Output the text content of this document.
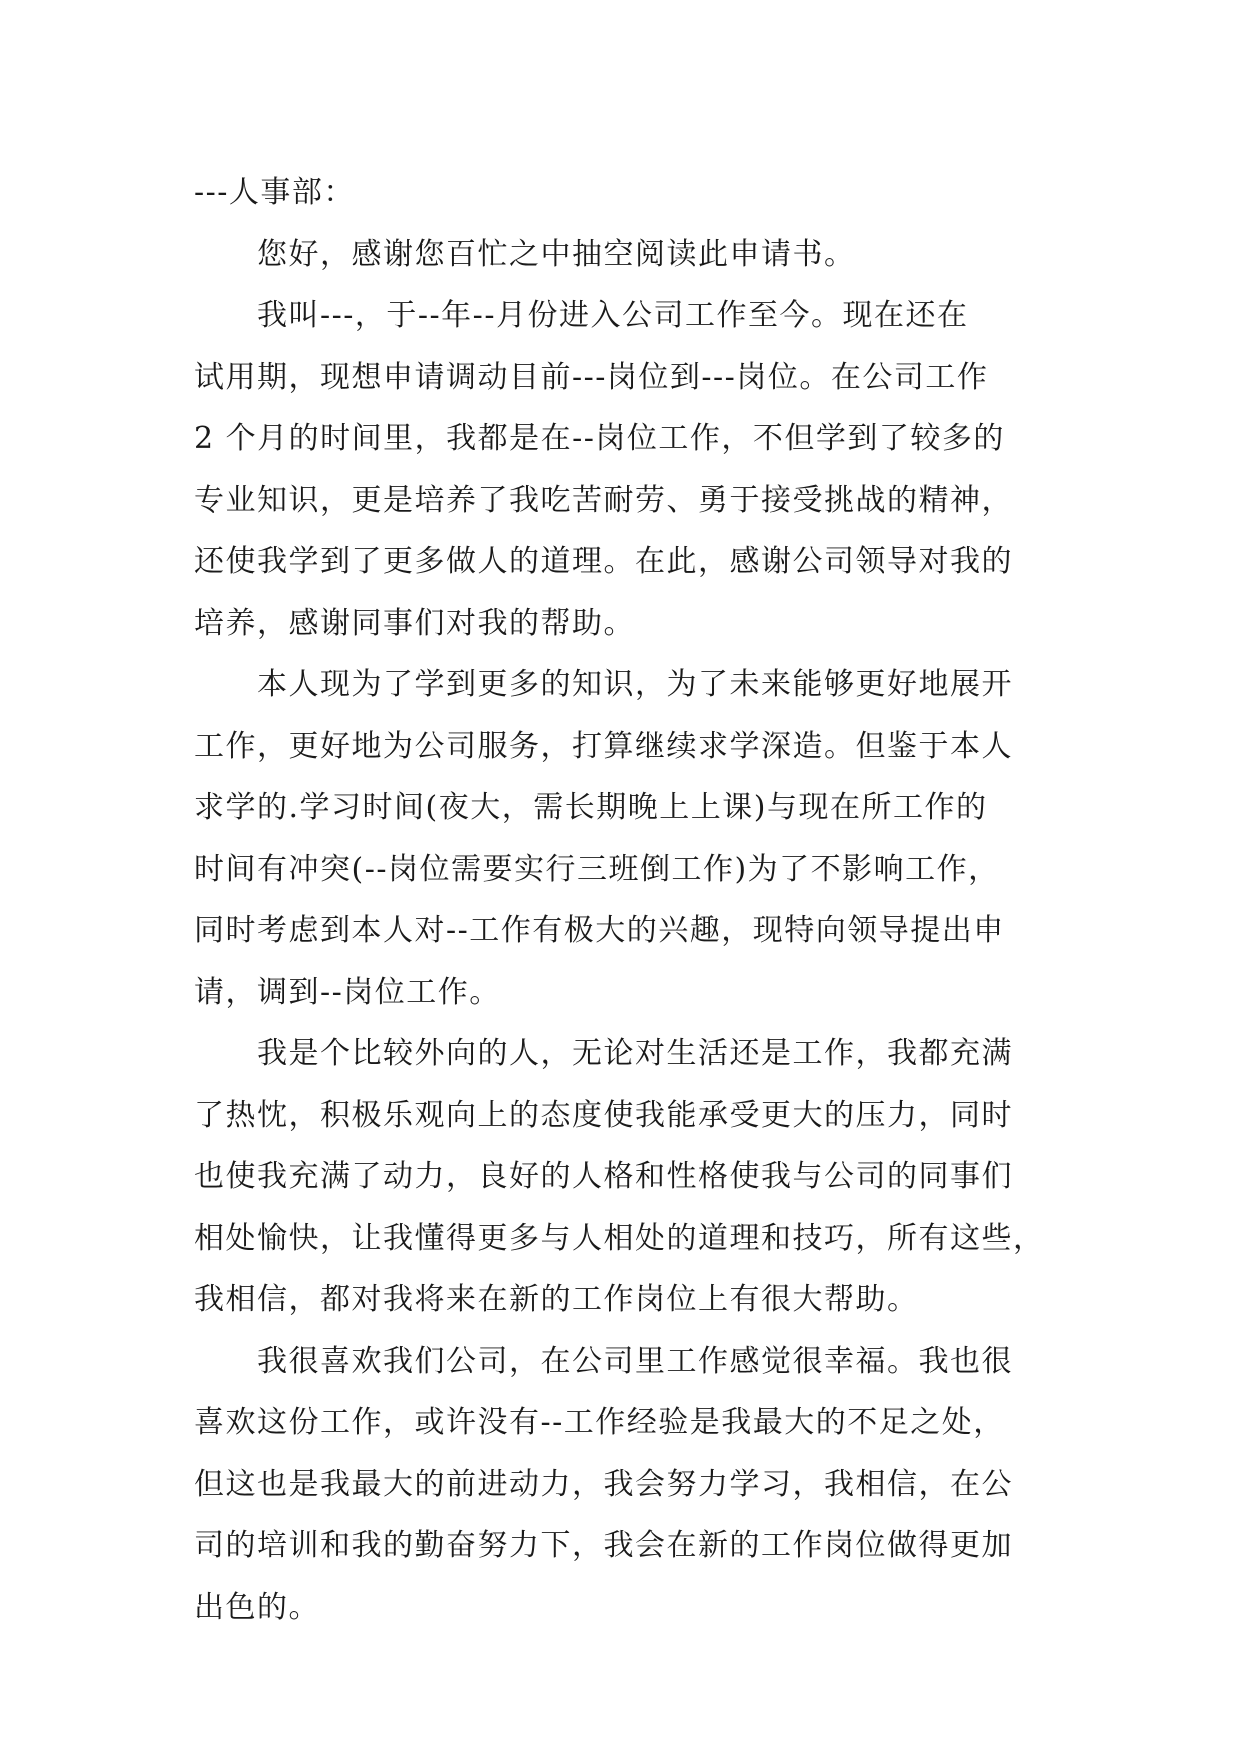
---人事部：
您好，感谢您百忙之中抽空阅读此申请书。
我叫---，于--年--月份进入公司工作至今。现在还在
试用期，现想申请调动目前---岗位到---岗位。在公司工作
2 个月的时间里，我都是在--岗位工作，不但学到了较多的
专业知识，更是培养了我吃苦耐劳、勇于接受挑战的精神，
还使我学到了更多做人的道理。在此，感谢公司领导对我的
培养，感谢同事们对我的帮助。
本人现为了学到更多的知识，为了未来能够更好地展开
工作，更好地为公司服务，打算继续求学深造。但鉴于本人
求学的.学习时间(夜大，需长期晚上上课)与现在所工作的
时间有冲突(--岗位需要实行三班倒工作)为了不影响工作，
同时考虑到本人对--工作有极大的兴趣，现特向领导提出申
请，调到--岗位工作。
我是个比较外向的人，无论对生活还是工作，我都充满
了热忱，积极乐观向上的态度使我能承受更大的压力，同时
也使我充满了动力，良好的人格和性格使我与公司的同事们
相处愉快，让我懂得更多与人相处的道理和技巧，所有这些，
我相信，都对我将来在新的工作岗位上有很大帮助。
我很喜欢我们公司，在公司里工作感觉很幸福。我也很
喜欢这份工作，或许没有--工作经验是我最大的不足之处，
但这也是我最大的前进动力，我会努力学习，我相信，在公
司的培训和我的勤奋努力下，我会在新的工作岗位做得更加
出色的。
